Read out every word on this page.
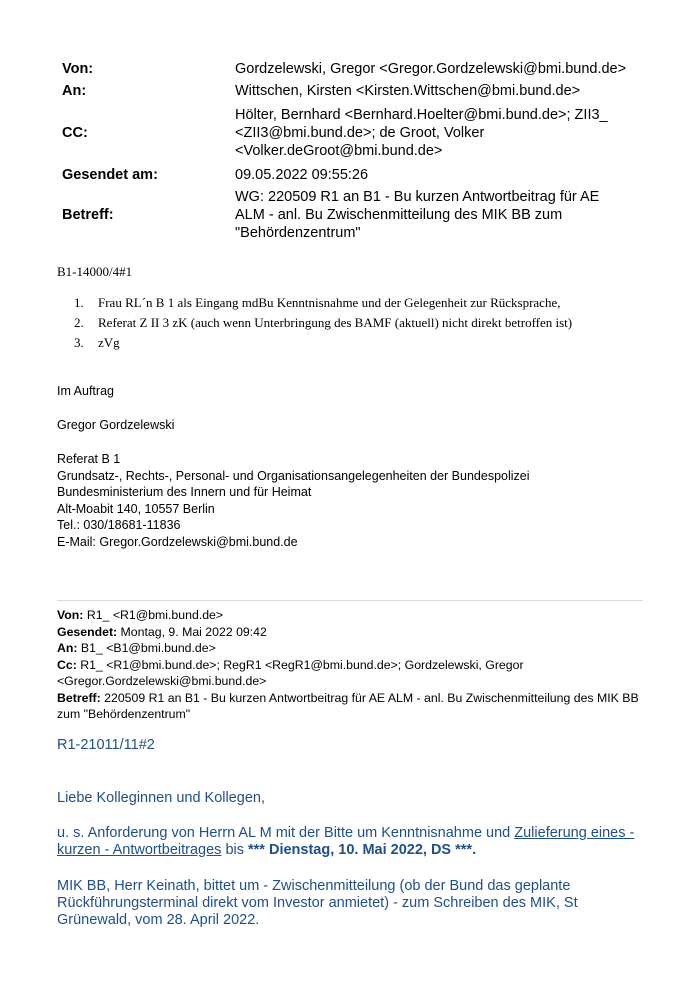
Von:	Gordzelewski, Gregor <Gregor.Gordzelewski@bmi.bund.de>
An:	Wittschen, Kirsten <Kirsten.Wittschen@bmi.bund.de>
CC:
Hölter, Bernhard <Bernhard.Hoelter@bmi.bund.de>; ZII3_
<ZII3@bmi.bund.de>; de Groot, Volker
<Volker.deGroot@bmi.bund.de>
Gesendet am:	09.05.2022 09:55:26
Betreff:
WG: 220509 R1 an B1 - Bu kurzen Antwortbeitrag für AE
ALM - anl. Bu Zwischenmitteilung des MIK BB zum
"Behördenzentrum"
B1-14000/4#1
1.	Frau RL´n B 1 als Eingang mdBu Kenntnisnahme und der Gelegenheit zur Rücksprache,
2.	Referat Z II 3 zK (auch wenn Unterbringung des BAMF (aktuell) nicht direkt betroffen ist)
3.	zVg
Im Auftrag
Gregor Gordzelewski
Referat B 1
Grundsatz-, Rechts-, Personal- und Organisationsangelegenheiten der Bundespolizei
Bundesministerium des Innern und für Heimat
Alt-Moabit 140, 10557 Berlin
Tel.: 030/18681-11836
E-Mail: Gregor.Gordzelewski@bmi.bund.de
Von: R1_ <R1@bmi.bund.de>
Gesendet: Montag, 9. Mai 2022 09:42
An: B1_ <B1@bmi.bund.de>
Cc: R1_ <R1@bmi.bund.de>; RegR1 <RegR1@bmi.bund.de>; Gordzelewski, Gregor
<Gregor.Gordzelewski@bmi.bund.de>
Betreff: 220509 R1 an B1 - Bu kurzen Antwortbeitrag für AE ALM - anl. Bu Zwischenmitteilung des MIK BB
zum "Behördenzentrum"
R1-21011/11#2
Liebe Kolleginnen und Kollegen,
u. s. Anforderung von Herrn AL M mit der Bitte um Kenntnisnahme und Zulieferung eines -
kurzen - Antwortbeitrages bis *** Dienstag, 10. Mai 2022, DS ***.
MIK BB, Herr Keinath, bittet um - Zwischenmitteilung (ob der Bund das geplante
Rückführungsterminal direkt vom Investor anmietet) - zum Schreiben des MIK, St
Grünewald, vom 28. April 2022.
